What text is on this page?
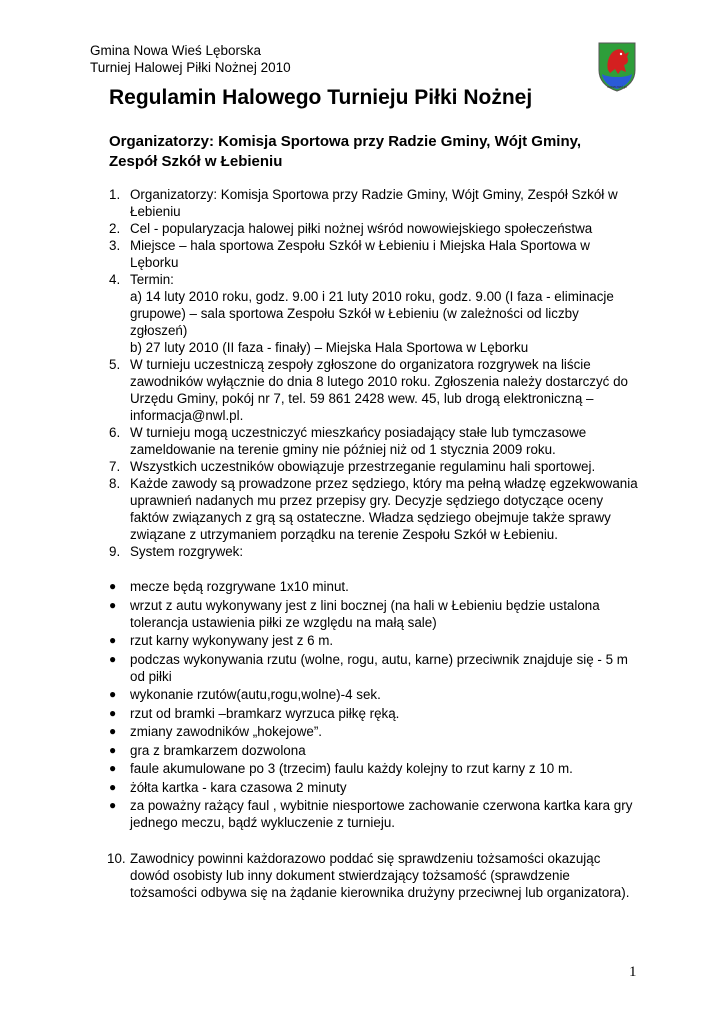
Gmina Nowa Wieś Lęborska
Turniej Halowej Piłki Nożnej 2010
www.nwl.pl
Regulamin Halowego Turnieju Piłki Nożnej
Organizatorzy: Komisja Sportowa przy Radzie Gminy, Wójt Gminy, Zespół Szkół w Łebieniu
1. Organizatorzy: Komisja Sportowa przy Radzie Gminy, Wójt Gminy, Zespół Szkół w Łebieniu
2. Cel - popularyzacja halowej piłki nożnej wśród nowowiejskiego społeczeństwa
3. Miejsce – hala sportowa Zespołu Szkół w Łebieniu i Miejska Hala Sportowa w Lęborku
4. Termin:
a) 14 luty 2010 roku, godz. 9.00 i 21 luty 2010 roku, godz. 9.00 (I faza - eliminacje grupowe) – sala sportowa Zespołu Szkół w Łebieniu (w zależności od liczby zgłoszeń)
b) 27 luty 2010 (II faza - finały) – Miejska Hala Sportowa w Lęborku
5. W turnieju uczestniczą zespoły zgłoszone do organizatora rozgrywek na liście zawodników wyłącznie do dnia 8 lutego 2010 roku. Zgłoszenia należy dostarczyć do Urzędu Gminy, pokój nr 7, tel. 59 861 2428 wew. 45, lub drogą elektroniczną – informacja@nwl.pl.
6. W turnieju mogą uczestniczyć mieszkańcy posiadający stałe lub tymczasowe zameldowanie na terenie gminy nie później niż od 1 stycznia 2009 roku.
7. Wszystkich uczestników obowiązuje przestrzeganie regulaminu hali sportowej.
8. Każde zawody są prowadzone przez sędziego, który ma pełną władzę egzekwowania uprawnień nadanych mu przez przepisy gry. Decyzje sędziego dotyczące oceny faktów związanych z grą są ostateczne. Władza sędziego obejmuje także sprawy związane z utrzymaniem porządku na terenie Zespołu Szkół w Łebieniu.
9. System rozgrywek:
● mecze będą rozgrywane 1x10 minut.
● wrzut z autu wykonywany jest z lini bocznej (na hali w Łebieniu będzie ustalona tolerancja ustawienia piłki ze względu na małą sale)
● rzut karny wykonywany jest z 6 m.
● podczas wykonywania rzutu (wolne, rogu, autu, karne) przeciwnik znajduje się - 5 m od piłki
● wykonanie rzutów(autu,rogu,wolne)-4 sek.
● rzut od bramki –bramkarz wyrzuca piłkę ręką.
● zmiany zawodników „hokejowe”.
● gra z bramkarzem dozwolona
● faule akumulowane po 3 (trzecim) faulu każdy kolejny to rzut karny z 10 m.
● żółta kartka - kara czasowa 2 minuty
● za poważny rażący faul , wybitnie niesportowe zachowanie czerwona kartka kara gry jednego meczu, bądź wykluczenie z turnieju.
10. Zawodnicy powinni każdorazowo poddać się sprawdzeniu tożsamości okazując dowód osobisty lub inny dokument stwierdzający tożsamość (sprawdzenie tożsamości odbywa się na żądanie kierownika drużyny przeciwnej lub organizatora).
1
